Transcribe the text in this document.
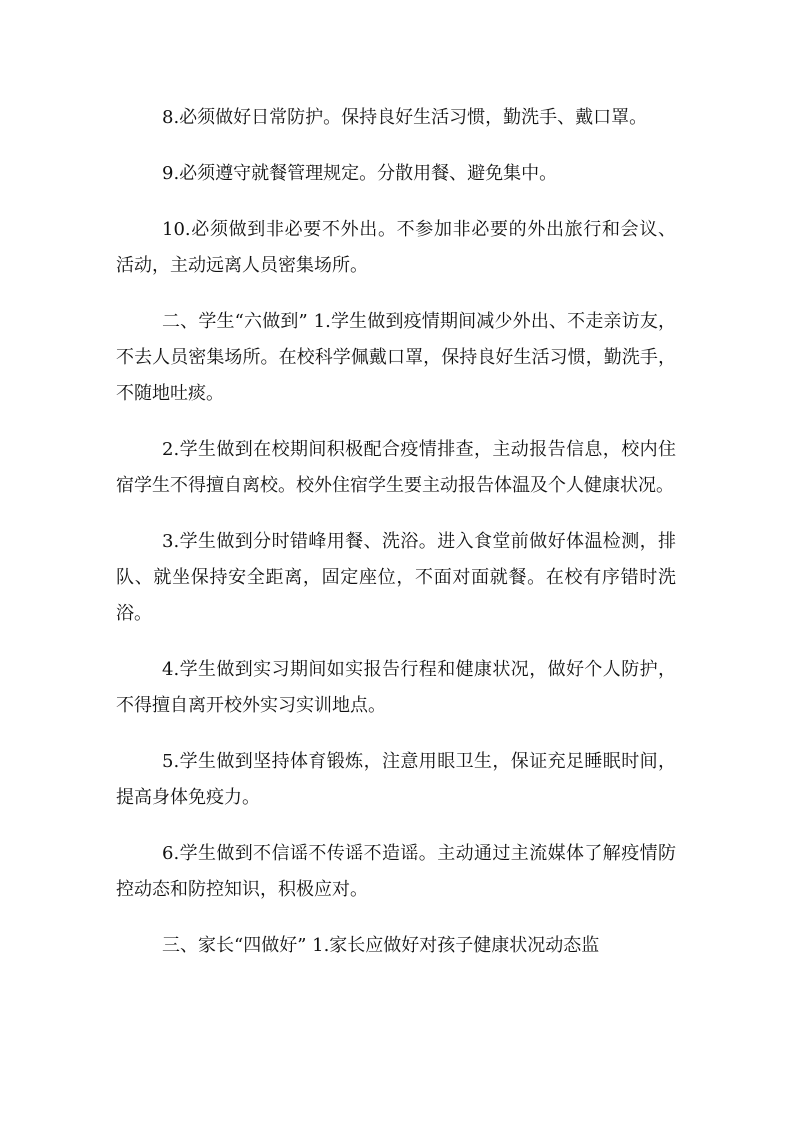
8.必须做好日常防护。保持良好生活习惯，勤洗手、戴口罩。

9.必须遵守就餐管理规定。分散用餐、避免集中。

10.必须做到非必要不外出。不参加非必要的外出旅行和会议、活动，主动远离人员密集场所。

二、学生“六做到” 1.学生做到疫情期间减少外出、不走亲访友，不去人员密集场所。在校科学佩戴口罩，保持良好生活习惯，勤洗手，不随地吐痰。

2.学生做到在校期间积极配合疫情排查，主动报告信息，校内住宿学生不得擅自离校。校外住宿学生要主动报告体温及个人健康状况。

3.学生做到分时错峰用餐、洗浴。进入食堂前做好体温检测，排队、就坐保持安全距离，固定座位，不面对面就餐。在校有序错时洗浴。

4.学生做到实习期间如实报告行程和健康状况，做好个人防护，不得擅自离开校外实习实训地点。

5.学生做到坚持体育锻炼，注意用眼卫生，保证充足睡眠时间，提高身体免疫力。

6.学生做到不信谣不传谣不造谣。主动通过主流媒体了解疫情防控动态和防控知识，积极应对。

三、家长“四做好” 1.家长应做好对孩子健康状况动态监
